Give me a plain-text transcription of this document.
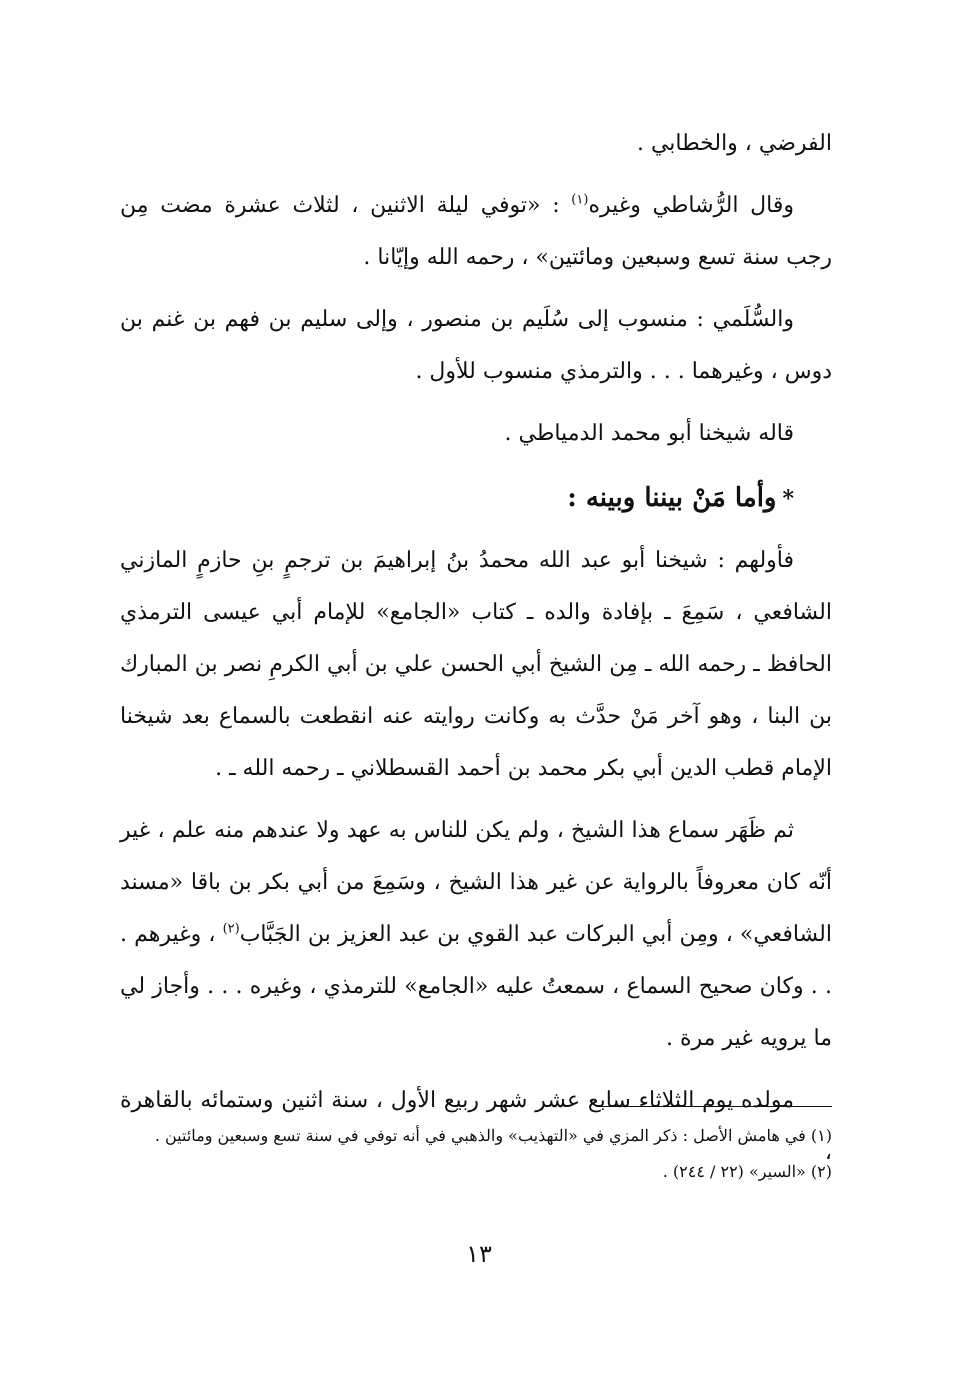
الفرضي ، والخطابي .

وقال الرُّشاطي وغيره$^{(١)}$ : «توفي ليلة الاثنين ، لثلاث عشرة مضت مِن رجب سنة تسع وسبعين ومائتين» ، رحمه الله وإيّانا .

والسُّلَمي : منسوب إلى سُلَيم بن منصور ، وإلى سليم بن فهم بن غنم بن دوس ، وغيرهما . . . والترمذي منسوب للأول .

قاله شيخنا أبو محمد الدمياطي .

*وأما مَنْ بيننا وبينه :

فأولهم : شيخنا أبو عبد الله محمدُ بنُ إبراهيمَ بن ترجمٍ بنِ حازمٍ المازني الشافعي ، سَمِعَ ـ بإفادة والده ـ كتاب «الجامع» للإمام أبي عيسى الترمذي الحافظ ـ رحمه الله ـ مِن الشيخ أبي الحسن علي بن أبي الكرمِ نصر بن المبارك بن البنا ، وهو آخر مَنْ حدَّث به وكانت روايته عنه انقطعت بالسماع بعد شيخنا الإمام قطب الدين أبي بكر محمد بن أحمد القسطلاني ـ رحمه الله ـ .

ثم ظَهَر سماع هذا الشيخ ، ولم يكن للناس به عهد ولا عندهم منه علم ، غير أنّه كان معروفاً بالرواية عن غير هذا الشيخ ، وسَمِعَ من أبي بكر بن باقا «مسند الشافعي» ، ومِن أبي البركات عبد القوي بن عبد العزيز بن الجَبَّاب$^{(٢)}$ ، وغيرهم . . . وكان صحيح السماع ، سمعتُ عليه «الجامع» للترمذي ، وغيره . . . وأجاز لي ما يرويه غير مرة .

مولده يوم الثلاثاء سابع عشر شهر ربيع الأول ، سنة اثنين وستمائه بالقاهرة ،

(١) في هامش الأصل : ذكر المزي في «التهذيب» والذهبي في أنه توفي في سنة تسع وسبعين ومائتين .

(٢) «السير» (٢٢ / ٢٤٤) .

١٣
